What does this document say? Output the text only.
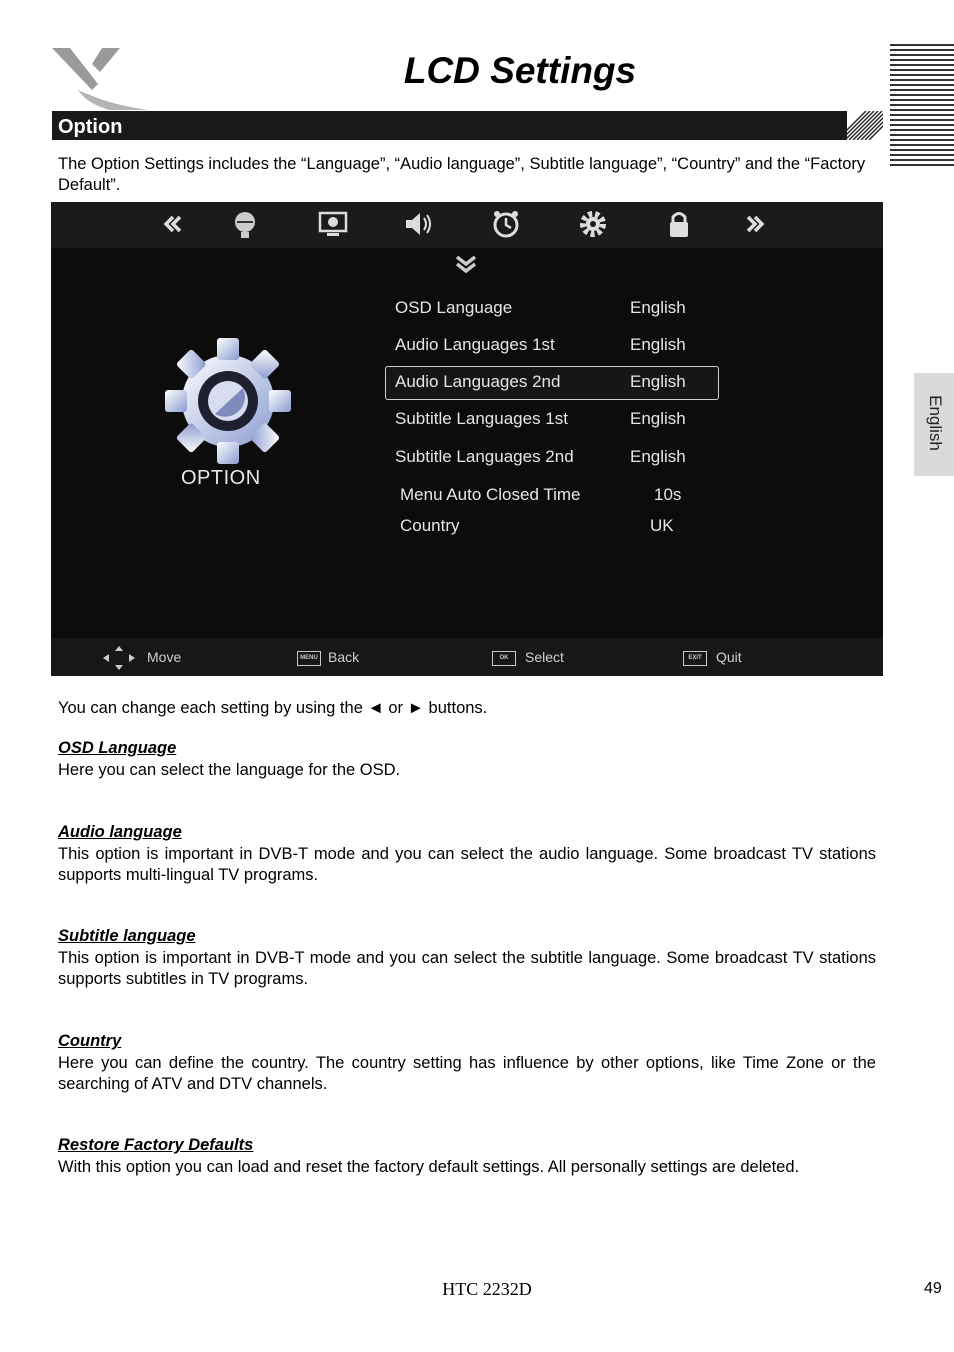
LCD Settings
Option
The Option Settings includes the “Language”, “Audio language”, Subtitle language”, “Country” and the “Factory Default”.
OPTION
OSD Language	English
Audio Languages 1st	English
Audio Languages 2nd	English
Subtitle Languages 1st	English
Subtitle Languages 2nd	English
Menu Auto Closed Time	10s
Country	UK
Move	MENU Back	OK	Select	EXIT	Quit
You can change each setting by using the ◄ or ► buttons.
OSD Language
Here you can select the language for the OSD.
Audio language
This option is important in DVB-T mode and you can select the audio language. Some broadcast TV stations supports multi-lingual TV programs.
Subtitle language
This option is important in DVB-T mode and you can select the subtitle language. Some broadcast TV stations supports subtitles in TV programs.
Country
Here you can define the country. The country setting has influence by other options, like Time Zone or the searching of ATV and DTV channels.
Restore Factory Defaults
With this option you can load and reset the factory default settings. All personally settings are deleted.
English
HTC 2232D	49
